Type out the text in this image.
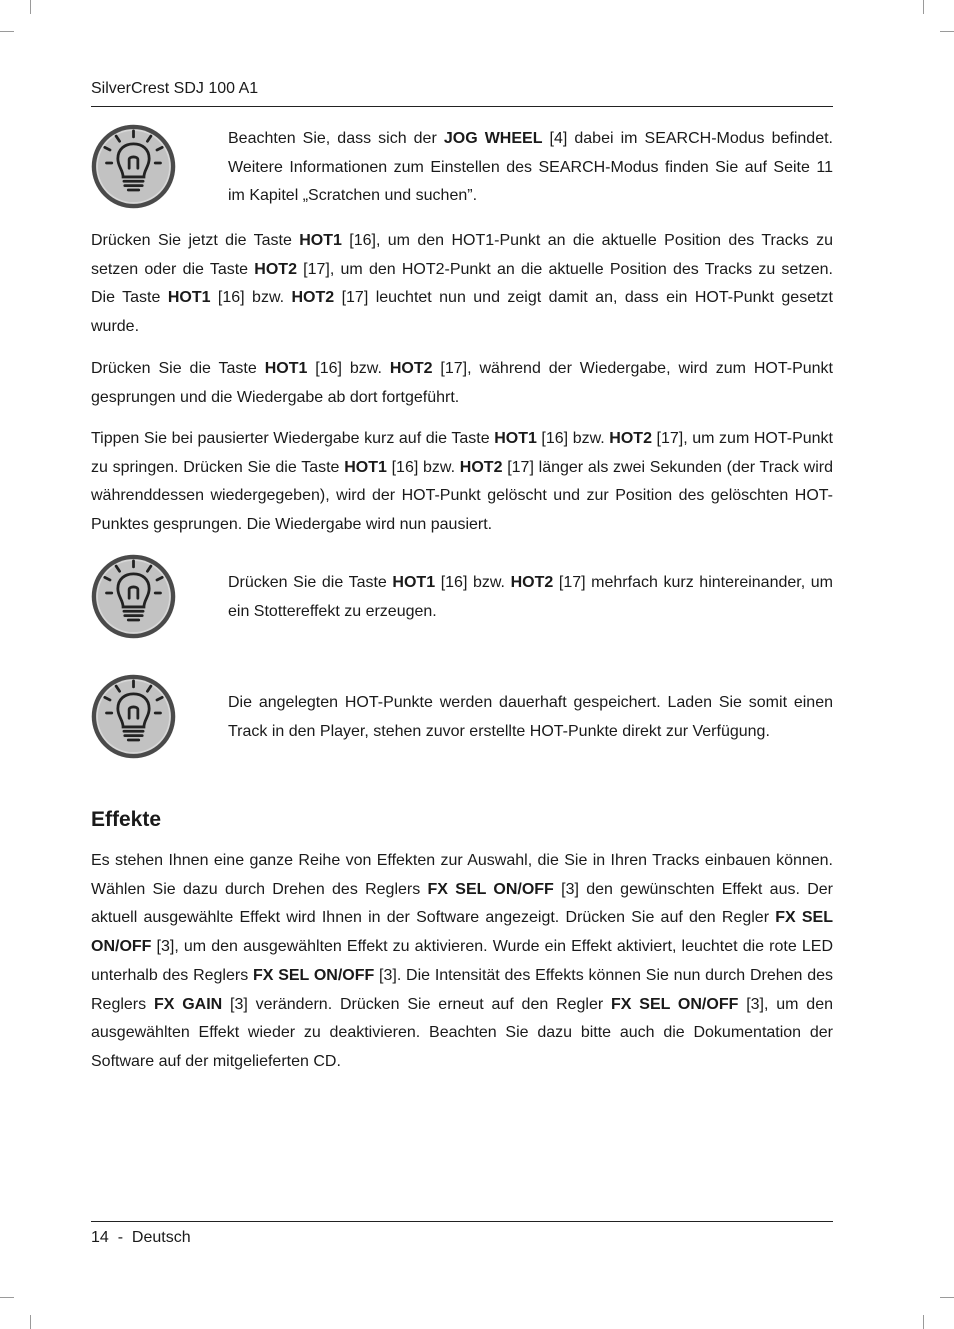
SilverCrest SDJ 100 A1

Beachten Sie, dass sich der JOG WHEEL [4] dabei im SEARCH-Modus befindet. Weitere Informationen zum Einstellen des SEARCH-Modus finden Sie auf Seite 11 im Kapitel „Scratchen und suchen”.

Drücken Sie jetzt die Taste HOT1 [16], um den HOT1-Punkt an die aktuelle Position des Tracks zu setzen oder die Taste HOT2 [17], um den HOT2-Punkt an die aktuelle Position des Tracks zu setzen. Die Taste HOT1 [16] bzw. HOT2 [17] leuchtet nun und zeigt damit an, dass ein HOT-Punkt gesetzt wurde.

Drücken Sie die Taste HOT1 [16] bzw. HOT2 [17], während der Wiedergabe, wird zum HOT-Punkt gesprungen und die Wiedergabe ab dort fortgeführt.

Tippen Sie bei pausierter Wiedergabe kurz auf die Taste HOT1 [16] bzw. HOT2 [17], um zum HOT-Punkt zu springen. Drücken Sie die Taste HOT1 [16] bzw. HOT2 [17] länger als zwei Sekunden (der Track wird währenddessen wiedergegeben), wird der HOT-Punkt gelöscht und zur Position des gelöschten HOT-Punktes gesprungen. Die Wiedergabe wird nun pausiert.

Drücken Sie die Taste HOT1 [16] bzw. HOT2 [17] mehrfach kurz hintereinander, um ein Stottereffekt zu erzeugen.

Die angelegten HOT-Punkte werden dauerhaft gespeichert. Laden Sie somit einen Track in den Player, stehen zuvor erstellte HOT-Punkte direkt zur Verfügung.

Effekte

Es stehen Ihnen eine ganze Reihe von Effekten zur Auswahl, die Sie in Ihren Tracks einbauen können. Wählen Sie dazu durch Drehen des Reglers FX SEL ON/OFF [3] den gewünschten Effekt aus. Der aktuell ausgewählte Effekt wird Ihnen in der Software angezeigt. Drücken Sie auf den Regler FX SEL ON/OFF [3], um den ausgewählten Effekt zu aktivieren. Wurde ein Effekt aktiviert, leuchtet die rote LED unterhalb des Reglers FX SEL ON/OFF [3]. Die Intensität des Effekts können Sie nun durch Drehen des Reglers FX GAIN [3] verändern. Drücken Sie erneut auf den Regler FX SEL ON/OFF [3], um den ausgewählten Effekt wieder zu deaktivieren. Beachten Sie dazu bitte auch die Dokumentation der Software auf der mitgelieferten CD.

14 - Deutsch
